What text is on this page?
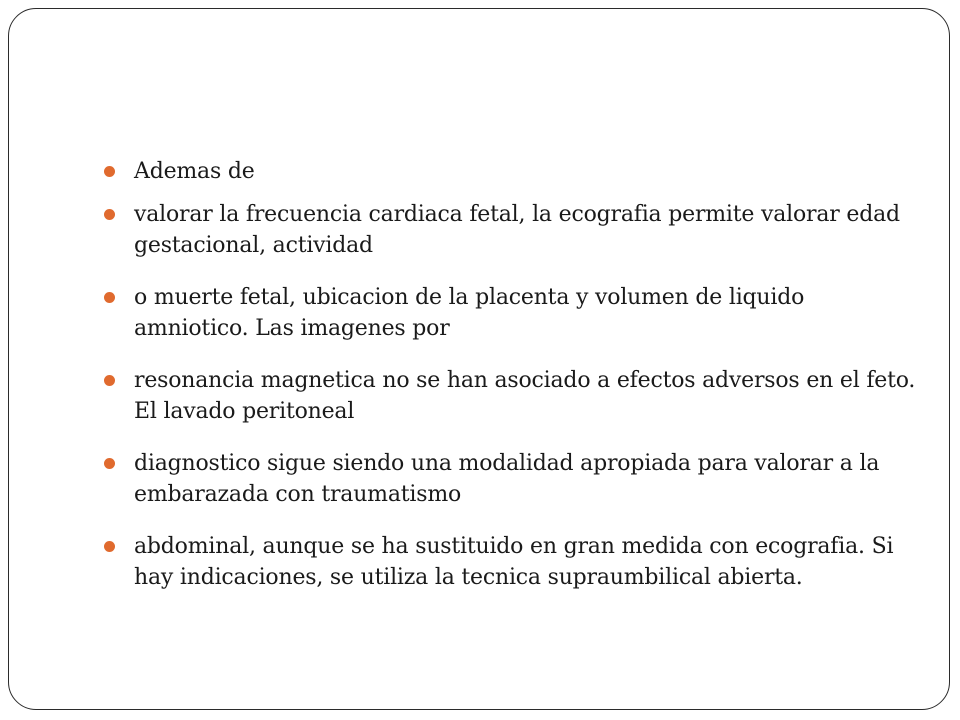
Ademas de
valorar la frecuencia cardiaca fetal, la ecografia permite valorar edad gestacional, actividad
o muerte fetal, ubicacion de la placenta y volumen de liquido amniotico. Las imagenes por
resonancia magnetica no se han asociado a efectos adversos en el feto. El lavado peritoneal
diagnostico sigue siendo una modalidad apropiada para valorar a la embarazada con traumatismo
abdominal, aunque se ha sustituido en gran medida con ecografia. Si hay indicaciones, se utiliza la tecnica supraumbilical abierta.
